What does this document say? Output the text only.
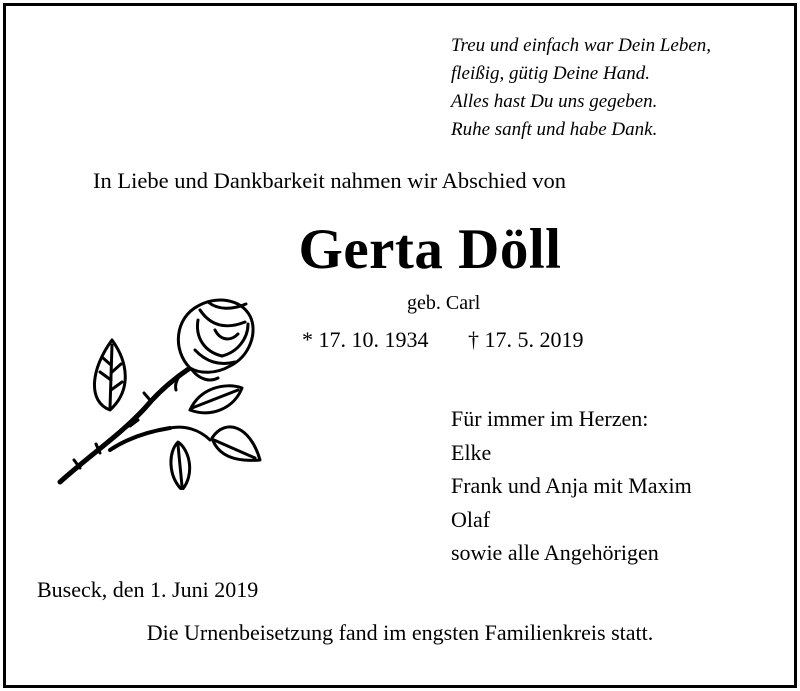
Treu und einfach war Dein Leben,
fleißig, gütig Deine Hand.
Alles hast Du uns gegeben.
Ruhe sanft und habe Dank.
In Liebe und Dankbarkeit nahmen wir Abschied von
Gerta Döll
geb. Carl
* 17. 10. 1934 † 17. 5. 2019
Für immer im Herzen:
Elke
Frank und Anja mit Maxim
Olaf
sowie alle Angehörigen
Buseck, den 1. Juni 2019
Die Urnenbeisetzung fand im engsten Familienkreis statt.
